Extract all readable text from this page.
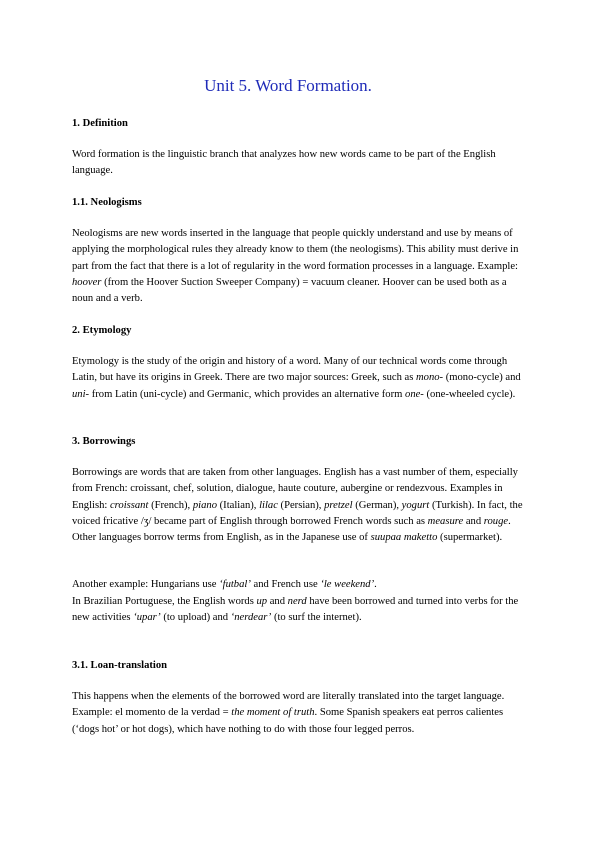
Unit 5. Word Formation.

1. Definition

Word formation is the linguistic branch that analyzes how new words came to be part of the English language.

1.1. Neologisms

Neologisms are new words inserted in the language that people quickly understand and use by means of applying the morphological rules they already know to them (the neologisms). This ability must derive in part from the fact that there is a lot of regularity in the word formation processes in a language. Example: hoover (from the Hoover Suction Sweeper Company) = vacuum cleaner. Hoover can be used both as a noun and a verb.

2. Etymology

Etymology is the study of the origin and history of a word. Many of our technical words come through Latin, but have its origins in Greek. There are two major sources: Greek, such as mono- (mono-cycle) and uni- from Latin (uni-cycle) and Germanic, which provides an alternative form one- (one-wheeled cycle).

3. Borrowings

Borrowings are words that are taken from other languages. English has a vast number of them, especially from French: croissant, chef, solution, dialogue, haute couture, aubergine or rendezvous. Examples in English: croissant (French), piano (Italian), lilac (Persian), pretzel (German), yogurt (Turkish). In fact, the voiced fricative /ʒ/ became part of English through borrowed French words such as measure and rouge. Other languages borrow terms from English, as in the Japanese use of suupaa maketto (supermarket).

Another example: Hungarians use ‘futbal’ and French use ‘le weekend’.

In Brazilian Portuguese, the English words up and nerd have been borrowed and turned into verbs for the new activities ‘upar’ (to upload) and ‘nerdear’ (to surf the internet).

3.1. Loan-translation

This happens when the elements of the borrowed word are literally translated into the target language. Example: el momento de la verdad = the moment of truth. Some Spanish speakers eat perros calientes (‘dogs hot’ or hot dogs), which have nothing to do with those four legged perros.
